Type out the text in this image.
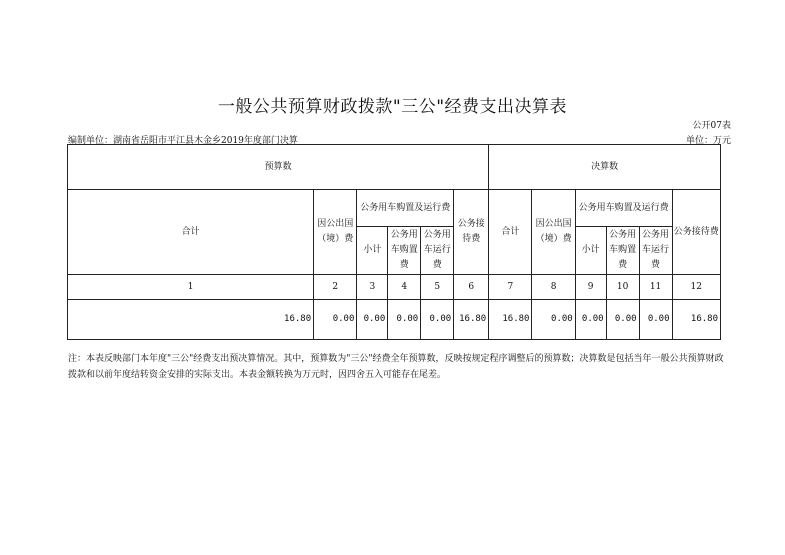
一般公共预算财政拨款"三公"经费支出决算表
公开07表
编制单位：湖南省岳阳市平江县木金乡2019年度部门决算	单位：万元
预算数						决算数					
合计	因公出国（境）费	公务用车购置及运行费			公务接待费	合计	因公出国（境）费	公务用车购置及运行费			公务接待费
		小计	公务用车购置费	公务用车运行费				小计	公务用车购置费	公务用车运行费	
1	2	3	4	5	6	7	8	9	10	11	12
16.80	0.00	0.00	0.00	0.00	16.80	16.80	0.00	0.00	0.00	0.00	16.80
注：本表反映部门本年度"三公"经费支出预决算情况。其中，预算数为"三公"经费全年预算数，反映按规定程序调整后的预算数；决算数是包括当年一般公共预算财政拨款和以前年度结转资金安排的实际支出。本表金额转换为万元时，因四舍五入可能存在尾差。
